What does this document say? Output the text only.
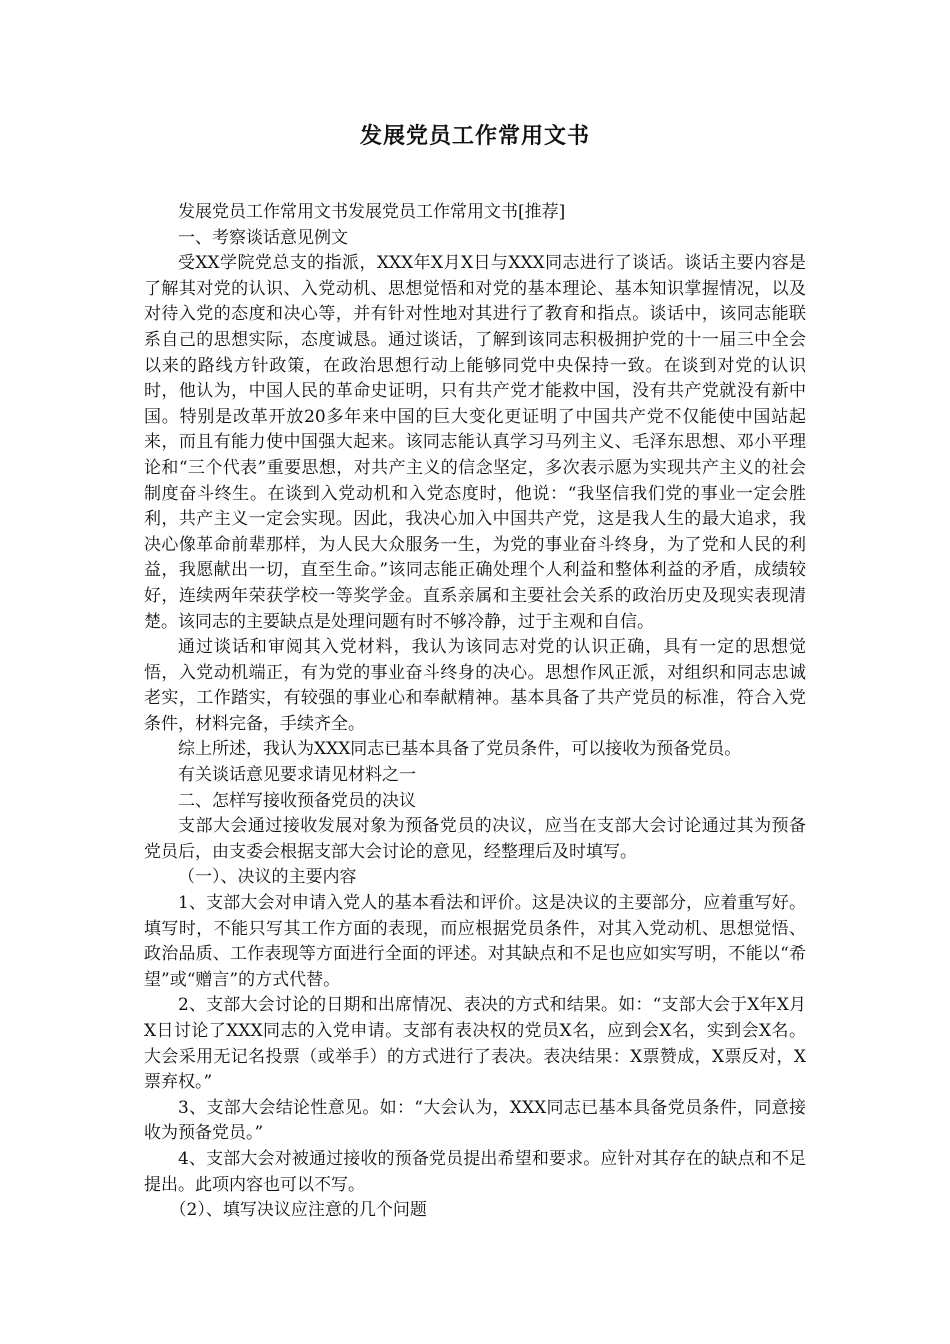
发展党员工作常用文书

发展党员工作常用文书发展党员工作常用文书[推荐]

一、考察谈话意见例文

受XX学院党总支的指派，XXX年X月X日与XXX同志进行了谈话。谈话主要内容是了解其对党的认识、入党动机、思想觉悟和对党的基本理论、基本知识掌握情况，以及对待入党的态度和决心等，并有针对性地对其进行了教育和指点。谈话中，该同志能联系自己的思想实际，态度诚恳。通过谈话，了解到该同志积极拥护党的十一届三中全会以来的路线方针政策，在政治思想行动上能够同党中央保持一致。在谈到对党的认识时，他认为，中国人民的革命史证明，只有共产党才能救中国，没有共产党就没有新中国。特别是改革开放20多年来中国的巨大变化更证明了中国共产党不仅能使中国站起来，而且有能力使中国强大起来。该同志能认真学习马列主义、毛泽东思想、邓小平理论和“三个代表”重要思想，对共产主义的信念坚定，多次表示愿为实现共产主义的社会制度奋斗终生。在谈到入党动机和入党态度时，他说：“我坚信我们党的事业一定会胜利，共产主义一定会实现。因此，我决心加入中国共产党，这是我人生的最大追求，我决心像革命前辈那样，为人民大众服务一生，为党的事业奋斗终身，为了党和人民的利益，我愿献出一切，直至生命。”该同志能正确处理个人利益和整体利益的矛盾，成绩较好，连续两年荣获学校一等奖学金。直系亲属和主要社会关系的政治历史及现实表现清楚。该同志的主要缺点是处理问题有时不够冷静，过于主观和自信。

通过谈话和审阅其入党材料，我认为该同志对党的认识正确，具有一定的思想觉悟，入党动机端正，有为党的事业奋斗终身的决心。思想作风正派，对组织和同志忠诚老实，工作踏实，有较强的事业心和奉献精神。基本具备了共产党员的标准，符合入党条件，材料完备，手续齐全。

综上所述，我认为XXX同志已基本具备了党员条件，可以接收为预备党员。

有关谈话意见要求请见材料之一

二、怎样写接收预备党员的决议

支部大会通过接收发展对象为预备党员的决议，应当在支部大会讨论通过其为预备党员后，由支委会根据支部大会讨论的意见，经整理后及时填写。

（一）、决议的主要内容

1、支部大会对申请入党人的基本看法和评价。这是决议的主要部分，应着重写好。填写时，不能只写其工作方面的表现，而应根据党员条件，对其入党动机、思想觉悟、政治品质、工作表现等方面进行全面的评述。对其缺点和不足也应如实写明，不能以“希望”或“赠言”的方式代替。

2、支部大会讨论的日期和出席情况、表决的方式和结果。如：“支部大会于X年X月X日讨论了XXX同志的入党申请。支部有表决权的党员X名，应到会X名，实到会X名。大会采用无记名投票（或举手）的方式进行了表决。表决结果：X票赞成，X票反对，X票弃权。”

3、支部大会结论性意见。如：“大会认为，XXX同志已基本具备党员条件，同意接收为预备党员。”

4、支部大会对被通过接收的预备党员提出希望和要求。应针对其存在的缺点和不足提出。此项内容也可以不写。

（2）、填写决议应注意的几个问题
